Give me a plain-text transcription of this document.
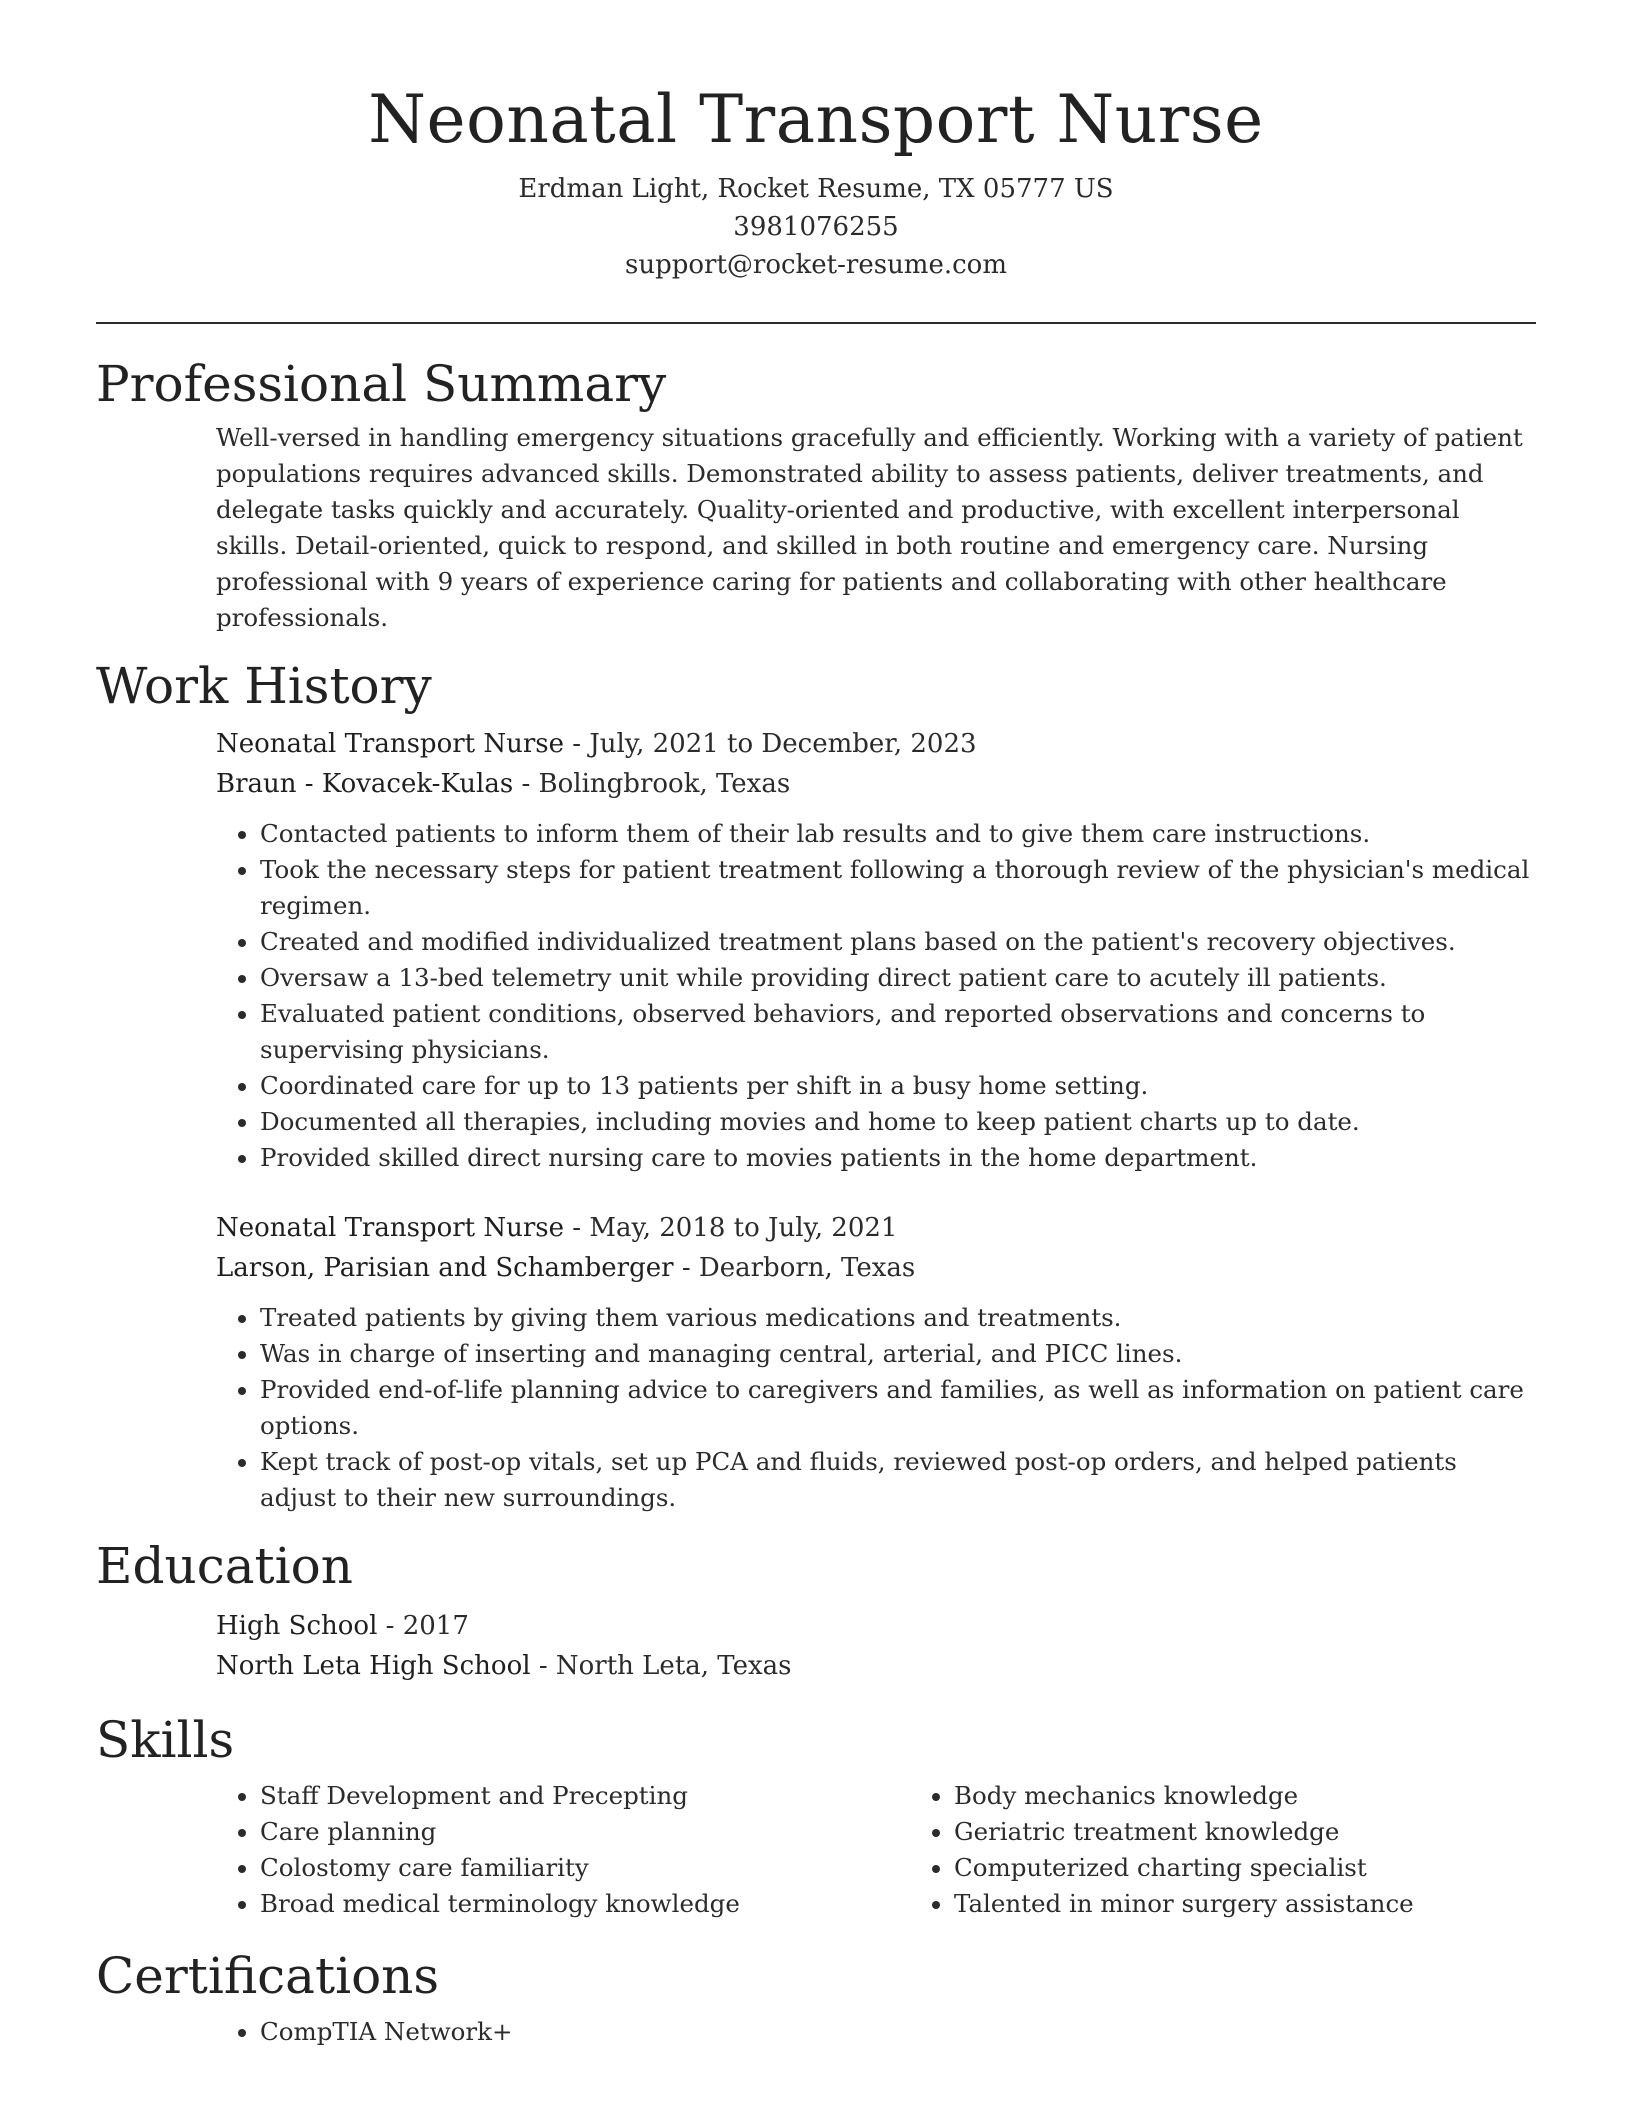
Neonatal Transport Nurse
Erdman Light, Rocket Resume, TX 05777 US
3981076255
support@rocket-resume.com
Professional Summary

Well-versed in handling emergency situations gracefully and efficiently. Working with a variety of patient populations requires advanced skills. Demonstrated ability to assess patients, deliver treatments, and delegate tasks quickly and accurately. Quality-oriented and productive, with excellent interpersonal skills. Detail-oriented, quick to respond, and skilled in both routine and emergency care. Nursing professional with 9 years of experience caring for patients and collaborating with other healthcare professionals.

Work History
Neonatal Transport Nurse - July, 2021 to December, 2023
Braun - Kovacek-Kulas - Bolingbrook, Texas
• Contacted patients to inform them of their lab results and to give them care instructions.
• Took the necessary steps for patient treatment following a thorough review of the physician's medical regimen.
• Created and modified individualized treatment plans based on the patient's recovery objectives.
• Oversaw a 13-bed telemetry unit while providing direct patient care to acutely ill patients.
• Evaluated patient conditions, observed behaviors, and reported observations and concerns to supervising physicians.
• Coordinated care for up to 13 patients per shift in a busy home setting.
• Documented all therapies, including movies and home to keep patient charts up to date.
• Provided skilled direct nursing care to movies patients in the home department.
Neonatal Transport Nurse - May, 2018 to July, 2021
Larson, Parisian and Schamberger - Dearborn, Texas
• Treated patients by giving them various medications and treatments.
• Was in charge of inserting and managing central, arterial, and PICC lines.
• Provided end-of-life planning advice to caregivers and families, as well as information on patient care options.
• Kept track of post-op vitals, set up PCA and fluids, reviewed post-op orders, and helped patients adjust to their new surroundings.
Education
High School - 2017
North Leta High School - North Leta, Texas
Skills
• Staff Development and Precepting
• Care planning
• Colostomy care familiarity
• Broad medical terminology knowledge
• Body mechanics knowledge
• Geriatric treatment knowledge
• Computerized charting specialist
• Talented in minor surgery assistance
Certifications
• CompTIA Network+
